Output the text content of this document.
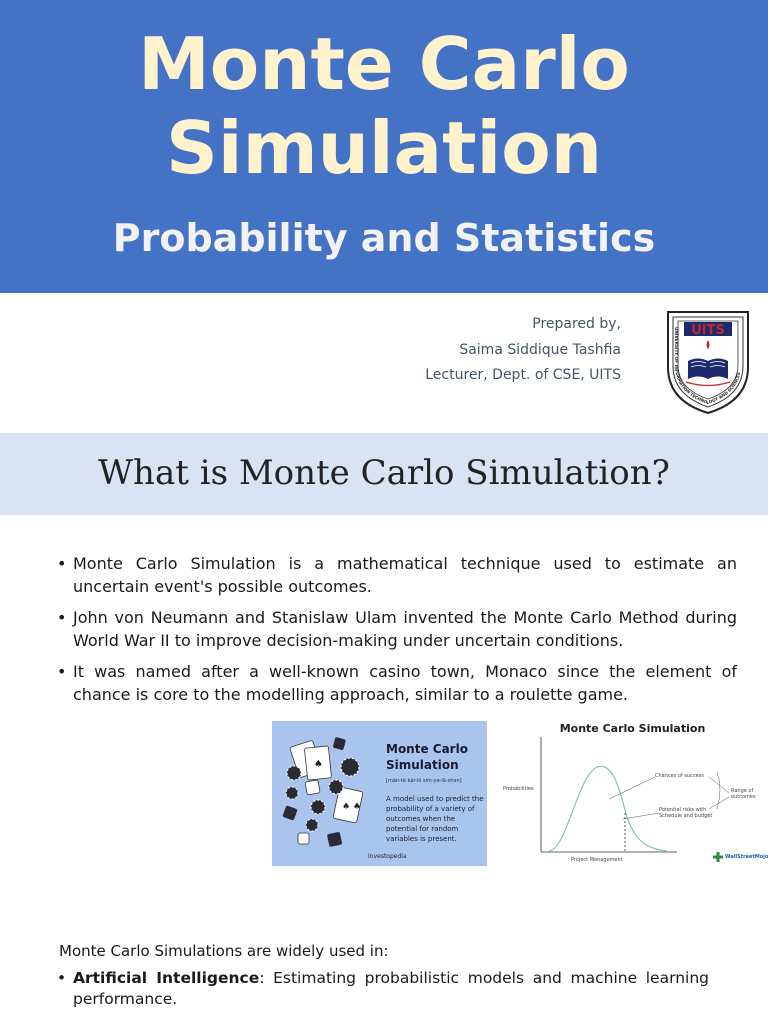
Monte Carlo
Simulation
Probability and Statistics
Prepared by,
Saima Siddique Tashfia
Lecturer, Dept. of CSE, UITS
UNIVERSITY OF INFORMATION TECHNOLOGY AND SCIENCES
UITS
What is Monte Carlo Simulation?
• Monte Carlo Simulation is a mathematical technique used to estimate an uncertain event's possible outcomes.
• John von Neumann and Stanislaw Ulam invented the Monte Carlo Method during World War II to improve decision-making under uncertain conditions.
• It was named after a well-known casino town, Monaco since the element of chance is core to the modelling approach, similar to a roulette game.
♠
♠ ♠
Monte Carlo Simulation
[män-tē kär-lō sim-yə-lā-shən]
A model used to predict the probability of a variety of outcomes when the potential for random variables is present.
Investopedia
Monte Carlo Simulation
Probabilities
Project Management
Chances of success
Range of outcomes
Potential risks with Schedule and budget
WallStreetMojo
Monte Carlo Simulations are widely used in:
• Artificial Intelligence: Estimating probabilistic models and machine learning performance.
